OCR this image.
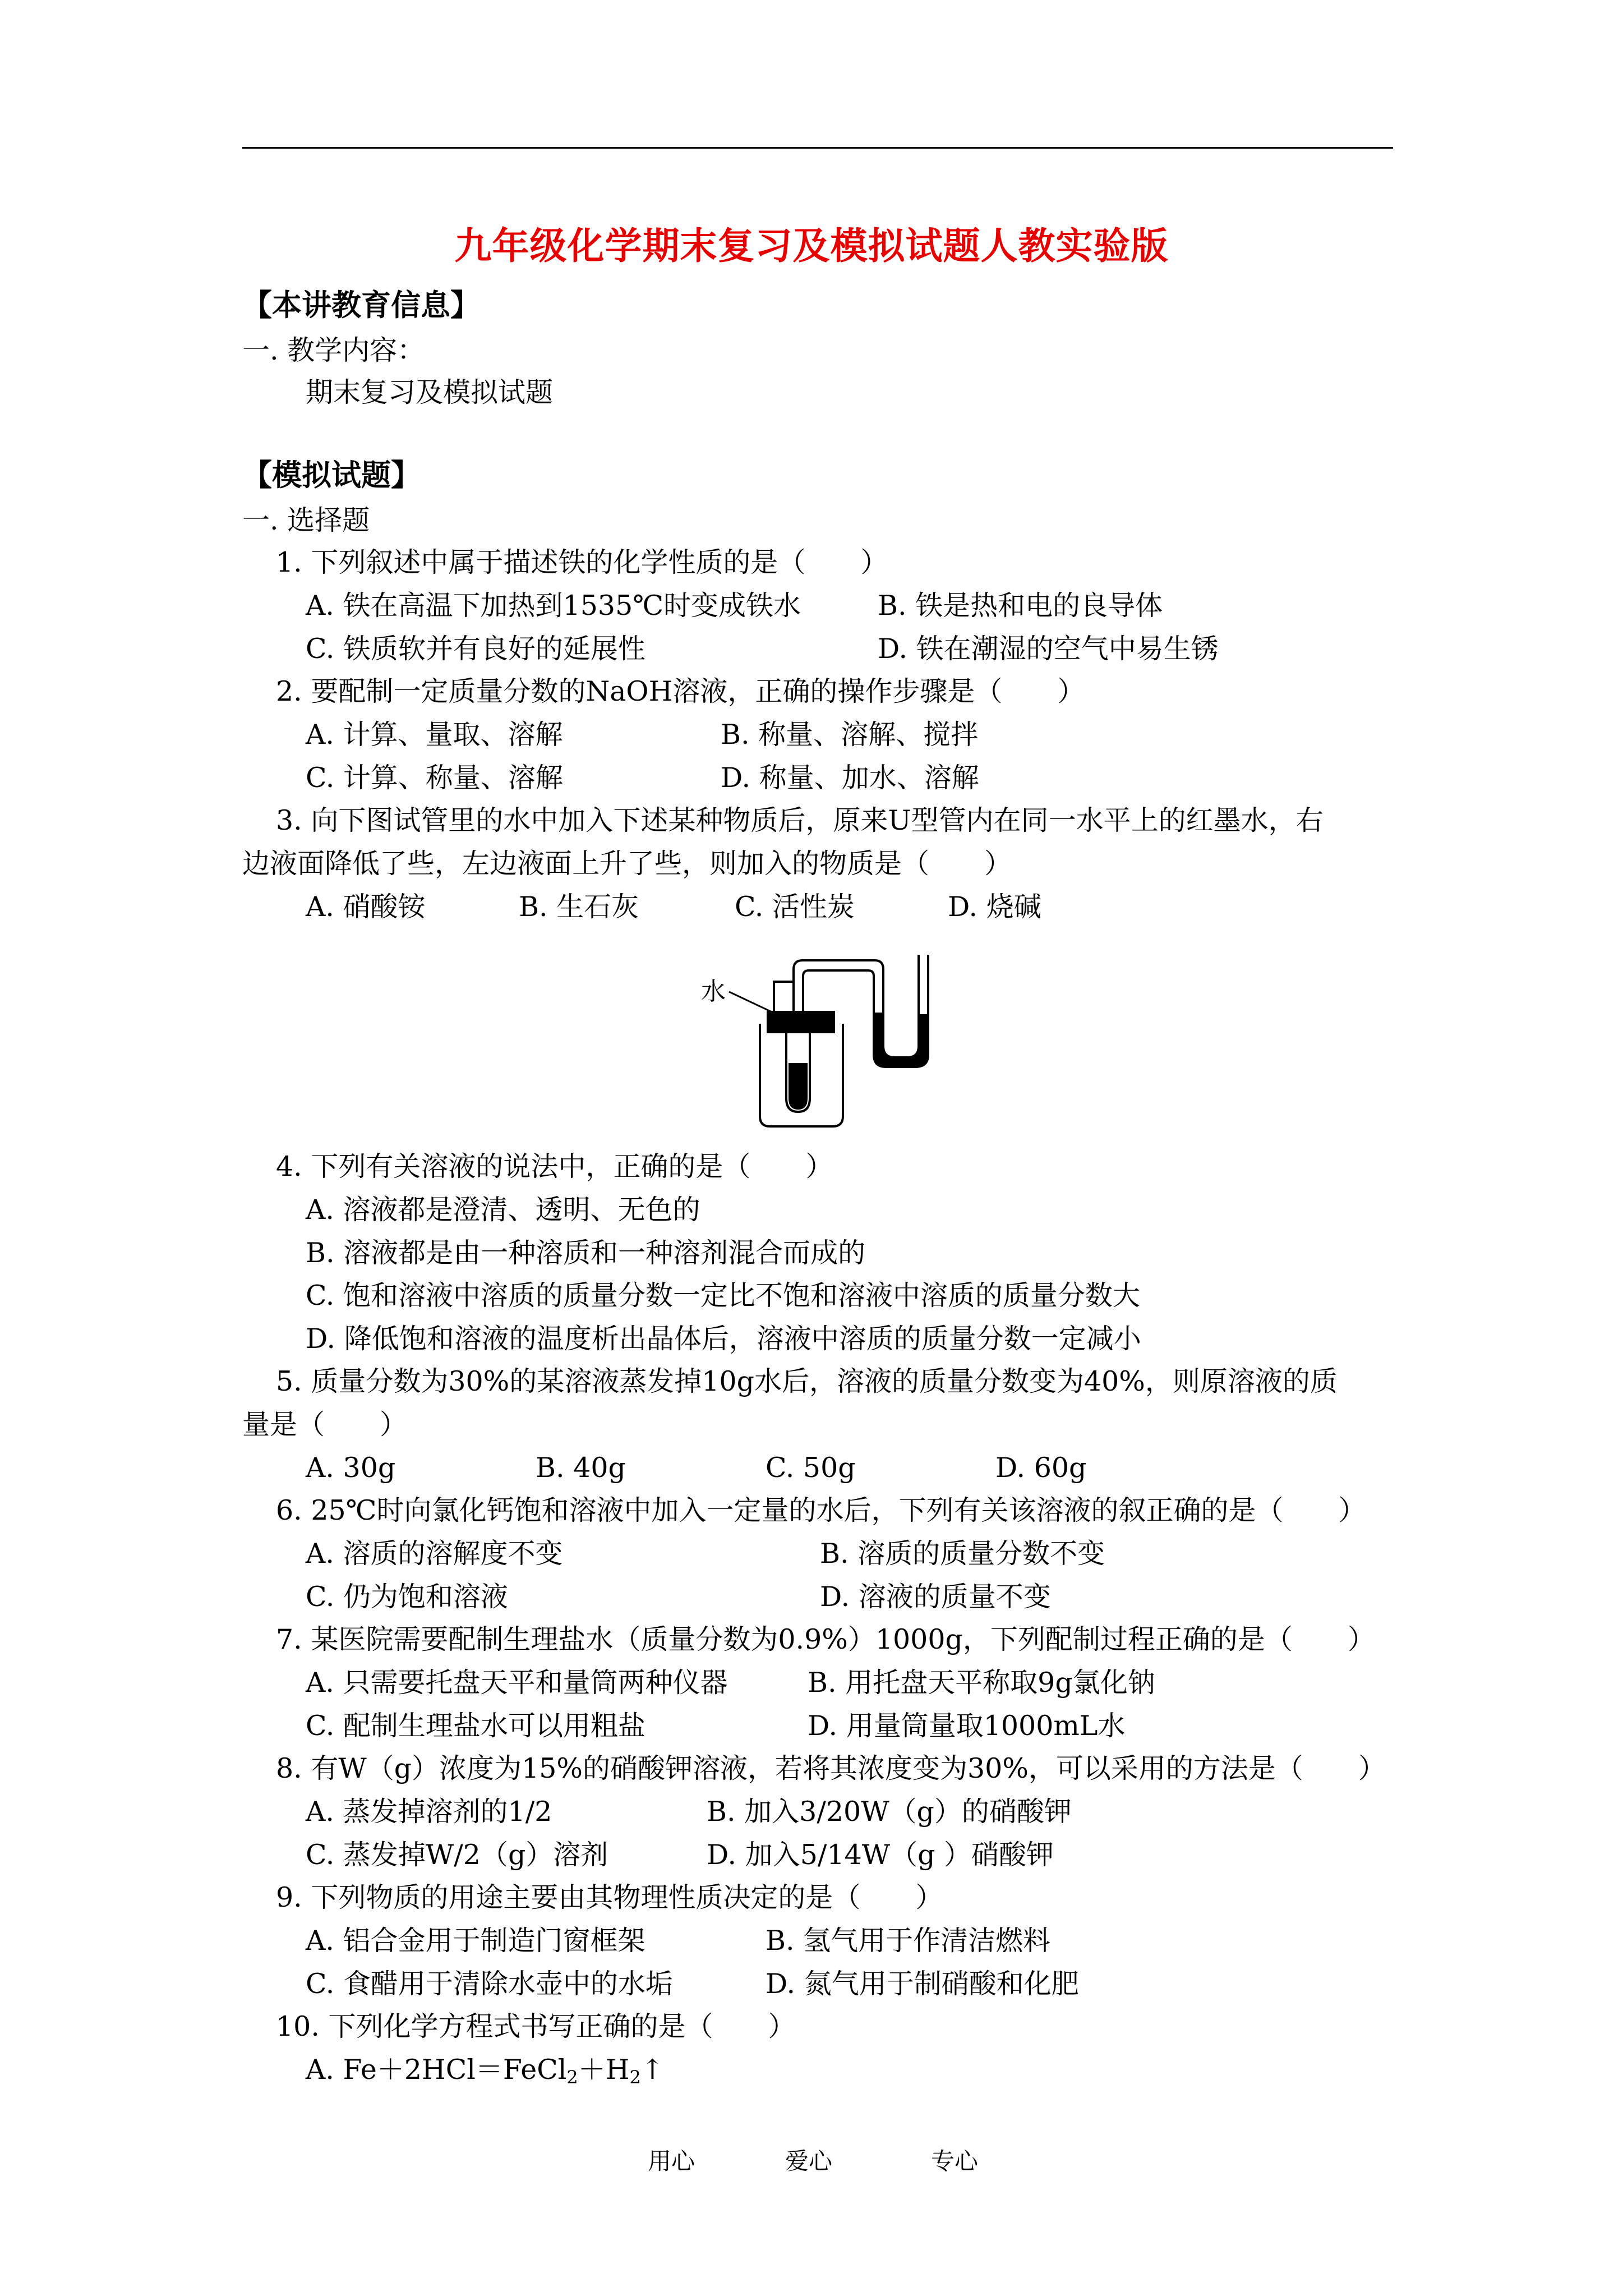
九年级化学期末复习及模拟试题人教实验版
【本讲教育信息】
一. 教学内容：
期末复习及模拟试题
【模拟试题】
一. 选择题
1. 下列叙述中属于描述铁的化学性质的是（　　）
A. 铁在高温下加热到1535℃时变成铁水	B. 铁是热和电的良导体
C. 铁质软并有良好的延展性	D. 铁在潮湿的空气中易生锈
2. 要配制一定质量分数的NaOH溶液，正确的操作步骤是（　　）
A. 计算、量取、溶解	B. 称量、溶解、搅拌
C. 计算、称量、溶解	D. 称量、加水、溶解
3. 向下图试管里的水中加入下述某种物质后，原来U型管内在同一水平上的红墨水，右
边液面降低了些，左边液面上升了些，则加入的物质是（　　）
A. 硝酸铵	B. 生石灰	C. 活性炭	D. 烧碱
水
4. 下列有关溶液的说法中，正确的是（　　）
A. 溶液都是澄清、透明、无色的
B. 溶液都是由一种溶质和一种溶剂混合而成的
C. 饱和溶液中溶质的质量分数一定比不饱和溶液中溶质的质量分数大
D. 降低饱和溶液的温度析出晶体后，溶液中溶质的质量分数一定减小
5. 质量分数为30%的某溶液蒸发掉10g水后，溶液的质量分数变为40%，则原溶液的质
量是（　　）
A. 30g	B. 40g	C. 50g	D. 60g
6. 25℃时向氯化钙饱和溶液中加入一定量的水后，下列有关该溶液的叙正确的是（　　）
A. 溶质的溶解度不变	B. 溶质的质量分数不变
C. 仍为饱和溶液	D. 溶液的质量不变
7. 某医院需要配制生理盐水（质量分数为0.9%）1000g，下列配制过程正确的是（　　）
A. 只需要托盘天平和量筒两种仪器	B. 用托盘天平称取9g氯化钠
C. 配制生理盐水可以用粗盐	D. 用量筒量取1000mL水
8. 有W（g）浓度为15%的硝酸钾溶液，若将其浓度变为30%，可以采用的方法是（　　）
A. 蒸发掉溶剂的1/2	B. 加入3/20W（g）的硝酸钾
C. 蒸发掉W/2（g）溶剂	D. 加入5/14W（g ）硝酸钾
9. 下列物质的用途主要由其物理性质决定的是（　　）
A. 铝合金用于制造门窗框架	B. 氢气用于作清洁燃料
C. 食醋用于清除水壶中的水垢	D. 氮气用于制硝酸和化肥
10. 下列化学方程式书写正确的是（　　）
A. $Fe+2HCl=FeCl_2+H_2↑$
用心	爱心	专心
